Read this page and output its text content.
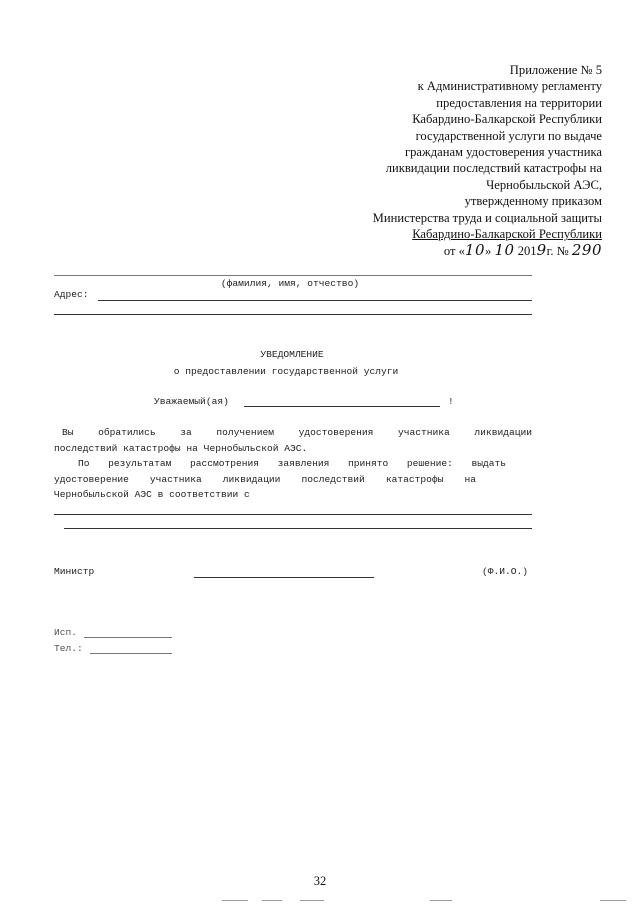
Приложение № 5
к Административному регламенту
предоставления на территории
Кабардино-Балкарской Республики
государственной услуги по выдаче
гражданам удостоверения участника
ликвидации последствий катастрофы на
Чернобыльской АЭС,
утвержденному приказом
Министерства труда и социальной защиты
Кабардино-Балкарской Республики
от «10» 10 2019г. № 290
(фамилия, имя, отчество)
Адрес:
УВЕДОМЛЕНИЕ
о предоставлении государственной услуги
Уважаемый(ая)	!
Вы	обратились	за	получением	удостоверения	участника	ликвидации
последствий катастрофы на Чернобыльской АЭС.
По результатам рассмотрения заявления принято решение: выдать
удостоверение участника ликвидации последствий катастрофы на
Чернобыльской АЭС в соответствии с
Министр	(Ф.И.О.)
Исп.
Тел.:
32
